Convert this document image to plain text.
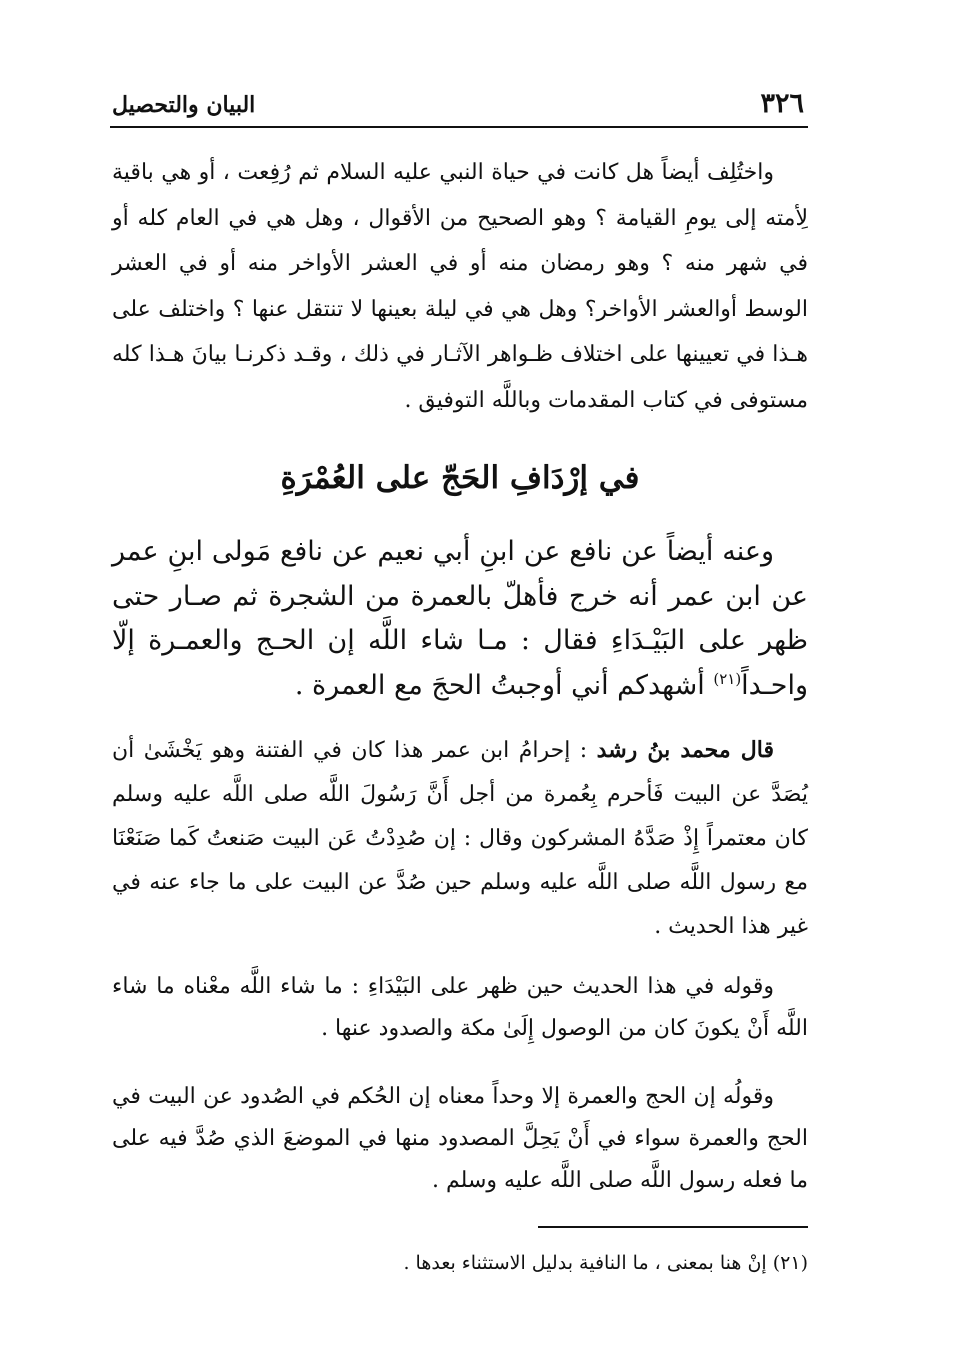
٣٢٦
البيان والتحصيل
واختُلِف أيضاً هل كانت في حياة النبي عليه السلام ثم رُفِعت ، أو هي باقية لِأمته إلى يومِ القيامة ؟ وهو الصحيح من الأقوال ، وهل هي في العام كله أو في شهر منه ؟ وهو رمضان منه أو في العشر الأواخر منه أو في العشر الوسط أوالعشر الأواخر؟ وهل هي في ليلة بعينها لا تنتقل عنها ؟ واختلف على هـذا في تعيينها على اختلاف ظـواهر الآثـار في ذلك ، وقـد ذكرنـا بيانَ هـذا كله مستوفى في كتاب المقدمات وباللَّه التوفيق .
في إرْدَافِ الحَجّ على العُمْرَةِ
وعنه أيضاً عن نافع عن ابنِ أبي نعيم عن نافع مَولى ابنِ عمر عن ابن عمر أنه خرج فأهلّ بالعمرة من الشجرة ثم صـار حتى ظهر على البَيْـدَاءِ فقال : مـا شاء اللَّه إن الحـج والعمـرة إلّا واحـداً$^{(٢١)}$ أشهدكم أني أوجبتُ الحجَ مع العمرة .
قال محمد بنُ رشد : إحرامُ ابن عمر هذا كان في الفتنة وهو يَخْشَىٰ أن يُصَدَّ عن البيت فَأحرم بِعُمرة من أجل أَنَّ رَسُولَ اللَّه صلى اللَّه عليه وسلم كان معتمراً إِذْ صَدَّهُ المشركون وقال : إن صُدِدْتُ عَن البيت صَنعتُ كَما صَنَعْنَا مع رسول اللَّه صلى اللَّه عليه وسلم حين صُدَّ عن البيت على ما جاء عنه في غير هذا الحديث .
وقوله في هذا الحديث حين ظهر على البَيْدَاءِ : ما شاء اللَّه معْناه ما شاء اللَّه أَنْ يكونَ كان من الوصول إِلَىٰ مكة والصدود عنها .
وقولُه إن الحج والعمرة إلا وحداً معناه إن الحُكم في الصُدود عن البيت في الحج والعمرة سواء في أَنْ يَحِلَّ المصدود منها في الموضعَ الذي صُدَّ فيه على ما فعله رسول اللَّه صلى اللَّه عليه وسلم .
(٢١) إنْ هنا بمعنى ، ما النافية بدليل الاستثناء بعدها .
